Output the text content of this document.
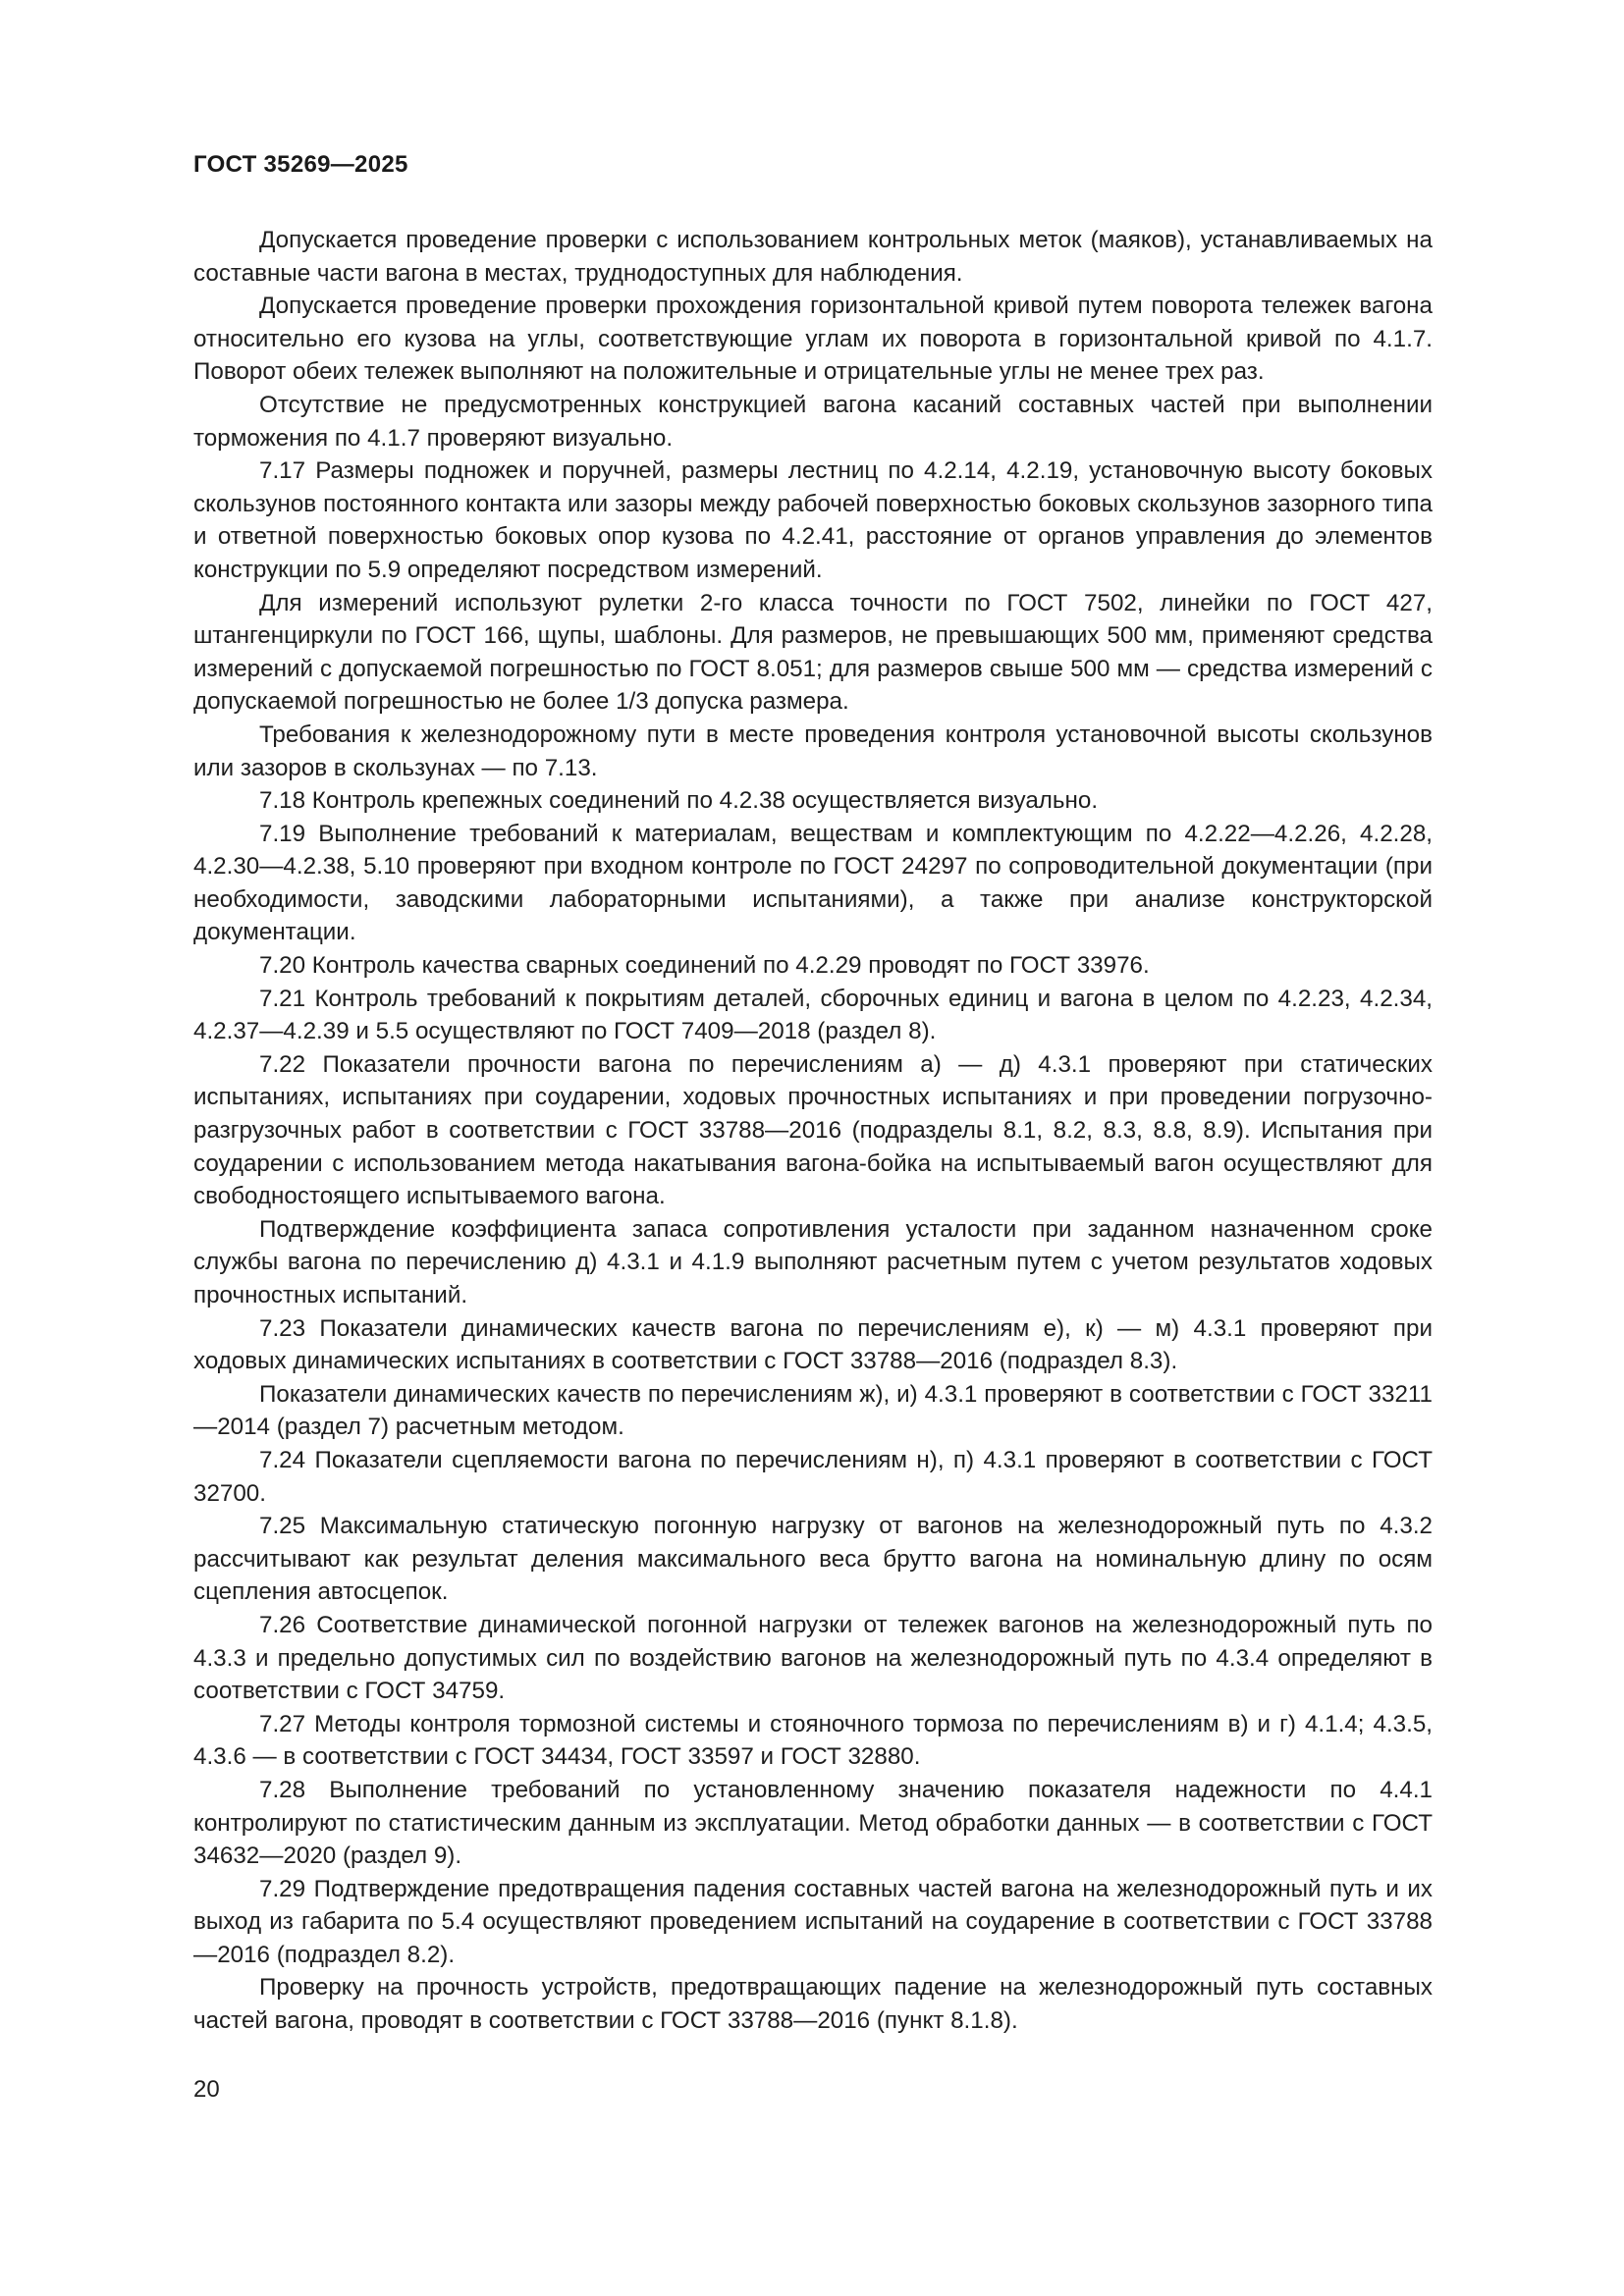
ГОСТ 35269—2025

Допускается проведение проверки с использованием контрольных меток (маяков), устанавливаемых на составные части вагона в местах, труднодоступных для наблюдения.

Допускается проведение проверки прохождения горизонтальной кривой путем поворота тележек вагона относительно его кузова на углы, соответствующие углам их поворота в горизонтальной кривой по 4.1.7. Поворот обеих тележек выполняют на положительные и отрицательные углы не менее трех раз.

Отсутствие не предусмотренных конструкцией вагона касаний составных частей при выполнении торможения по 4.1.7 проверяют визуально.

7.17 Размеры подножек и поручней, размеры лестниц по 4.2.14, 4.2.19, установочную высоту боковых скользунов постоянного контакта или зазоры между рабочей поверхностью боковых скользунов зазорного типа и ответной поверхностью боковых опор кузова по 4.2.41, расстояние от органов управления до элементов конструкции по 5.9 определяют посредством измерений.

Для измерений используют рулетки 2-го класса точности по ГОСТ 7502, линейки по ГОСТ 427, штангенциркули по ГОСТ 166, щупы, шаблоны. Для размеров, не превышающих 500 мм, применяют средства измерений с допускаемой погрешностью по ГОСТ 8.051; для размеров свыше 500 мм — средства измерений с допускаемой погрешностью не более 1/3 допуска размера.

Требования к железнодорожному пути в месте проведения контроля установочной высоты скользунов или зазоров в скользунах — по 7.13.

7.18 Контроль крепежных соединений по 4.2.38 осуществляется визуально.

7.19 Выполнение требований к материалам, веществам и комплектующим по 4.2.22—4.2.26, 4.2.28, 4.2.30—4.2.38, 5.10 проверяют при входном контроле по ГОСТ 24297 по сопроводительной документации (при необходимости, заводскими лабораторными испытаниями), а также при анализе конструкторской документации.

7.20 Контроль качества сварных соединений по 4.2.29 проводят по ГОСТ 33976.

7.21 Контроль требований к покрытиям деталей, сборочных единиц и вагона в целом по 4.2.23, 4.2.34, 4.2.37—4.2.39 и 5.5 осуществляют по ГОСТ 7409—2018 (раздел 8).

7.22 Показатели прочности вагона по перечислениям а) — д) 4.3.1 проверяют при статических испытаниях, испытаниях при соударении, ходовых прочностных испытаниях и при проведении погрузочно-разгрузочных работ в соответствии с ГОСТ 33788—2016 (подразделы 8.1, 8.2, 8.3, 8.8, 8.9). Испытания при соударении с использованием метода накатывания вагона-бойка на испытываемый вагон осуществляют для свободностоящего испытываемого вагона.

Подтверждение коэффициента запаса сопротивления усталости при заданном назначенном сроке службы вагона по перечислению д) 4.3.1 и 4.1.9 выполняют расчетным путем с учетом результатов ходовых прочностных испытаний.

7.23 Показатели динамических качеств вагона по перечислениям е), к) — м) 4.3.1 проверяют при ходовых динамических испытаниях в соответствии с ГОСТ 33788—2016 (подраздел 8.3).

Показатели динамических качеств по перечислениям ж), и) 4.3.1 проверяют в соответствии с ГОСТ 33211—2014 (раздел 7) расчетным методом.

7.24 Показатели сцепляемости вагона по перечислениям н), п) 4.3.1 проверяют в соответствии с ГОСТ 32700.

7.25 Максимальную статическую погонную нагрузку от вагонов на железнодорожный путь по 4.3.2 рассчитывают как результат деления максимального веса брутто вагона на номинальную длину по осям сцепления автосцепок.

7.26 Соответствие динамической погонной нагрузки от тележек вагонов на железнодорожный путь по 4.3.3 и предельно допустимых сил по воздействию вагонов на железнодорожный путь по 4.3.4 определяют в соответствии с ГОСТ 34759.

7.27 Методы контроля тормозной системы и стояночного тормоза по перечислениям в) и г) 4.1.4; 4.3.5, 4.3.6 — в соответствии с ГОСТ 34434, ГОСТ 33597 и ГОСТ 32880.

7.28 Выполнение требований по установленному значению показателя надежности по 4.4.1 контролируют по статистическим данным из эксплуатации. Метод обработки данных — в соответствии с ГОСТ 34632—2020 (раздел 9).

7.29 Подтверждение предотвращения падения составных частей вагона на железнодорожный путь и их выход из габарита по 5.4 осуществляют проведением испытаний на соударение в соответствии с ГОСТ 33788—2016 (подраздел 8.2).

Проверку на прочность устройств, предотвращающих падение на железнодорожный путь составных частей вагона, проводят в соответствии с ГОСТ 33788—2016 (пункт 8.1.8).

20
